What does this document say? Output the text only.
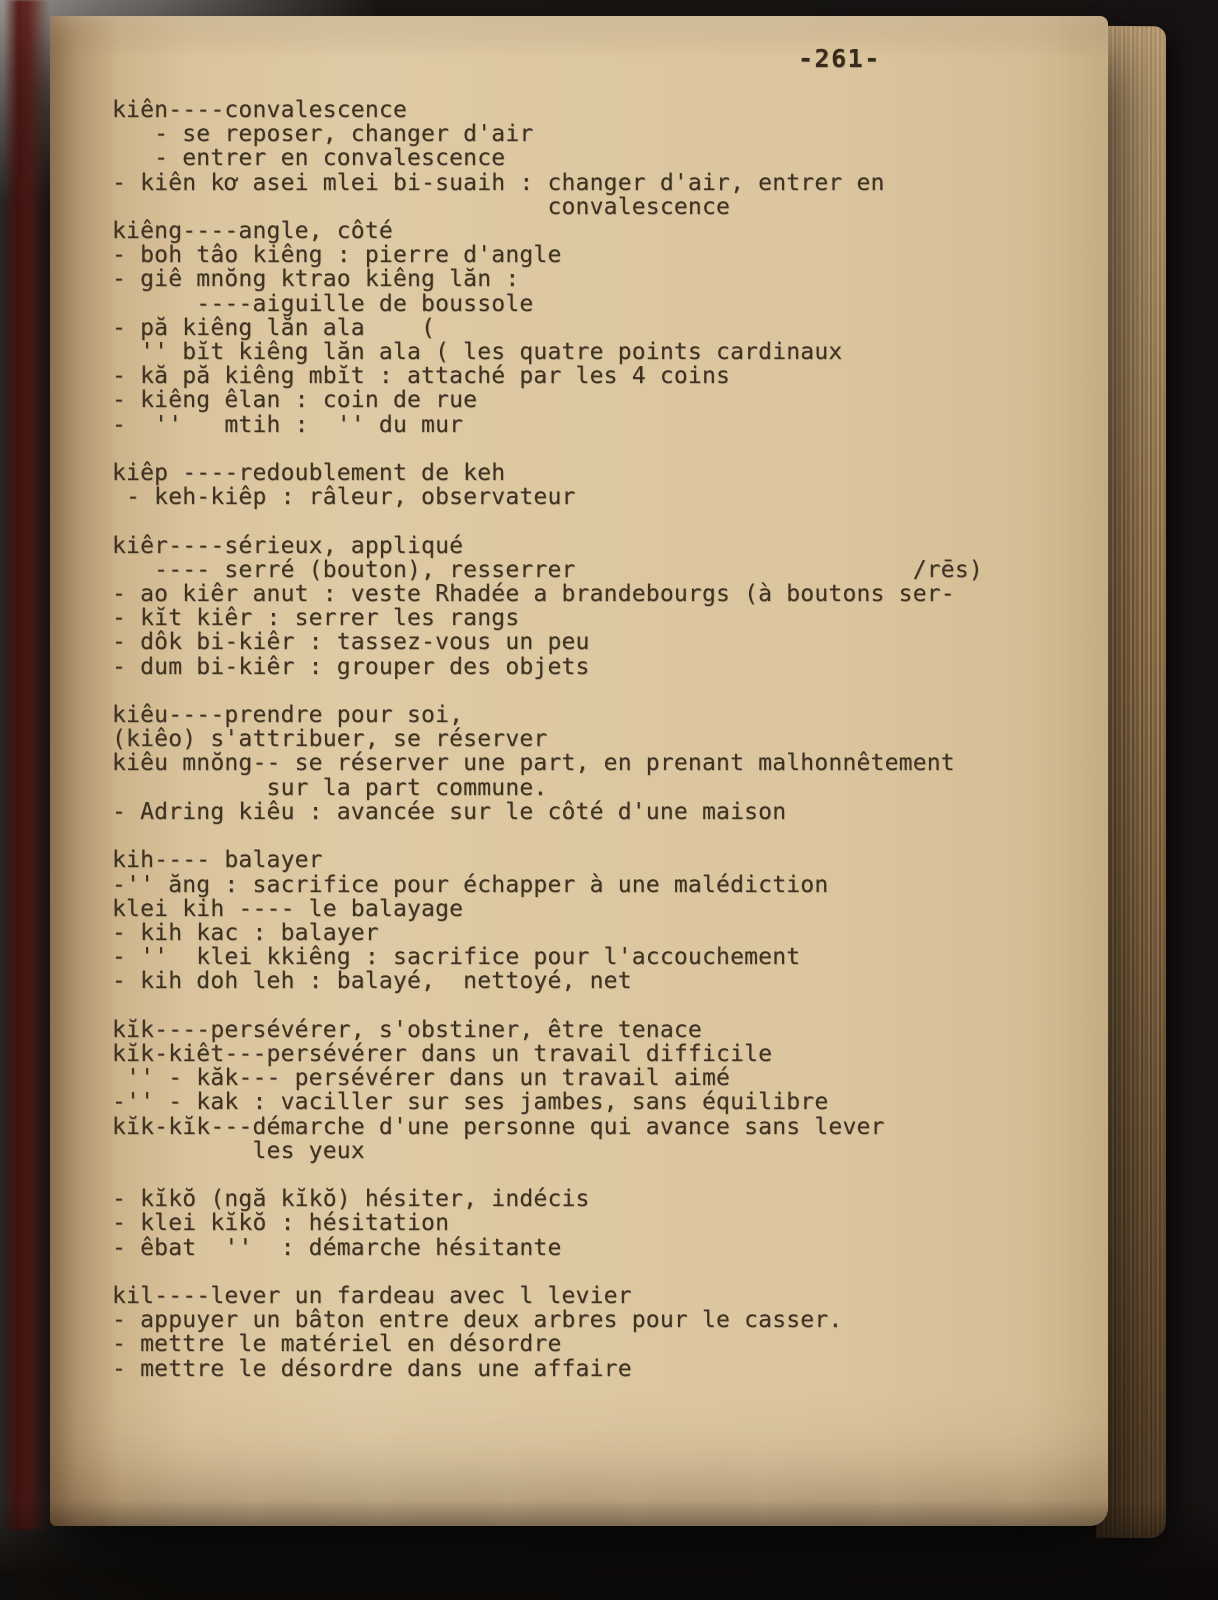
-261-
kiên----convalescence
- se reposer, changer d'air
- entrer en convalescence
- kiên kơ asei mlei bi-suaih : changer d'air, entrer en
convalescence
kiêng----angle, côté
- boh tâo kiêng : pierre d'angle
- giê mnŏng ktrao kiêng lăn :
----aiguille de boussole
- pă kiêng lăn ala    (
'' bĭt kiêng lăn ala ( les quatre points cardinaux
- kă pă kiêng mbĭt : attaché par les 4 coins
- kiêng êlan : coin de rue
-  ''   mtih :  '' du mur

kiêp ----redoublement de keh
- keh-kiêp : râleur, observateur

kiêr----sérieux, appliqué
---- serré (bouton), resserrer                        /rēs)
- ao kiêr anut : veste Rhadée a brandebourgs (à boutons ser-
- kĭt kiêr : serrer les rangs
- dôk bi-kiêr : tassez-vous un peu
- dum bi-kiêr : grouper des objets

kiêu----prendre pour soi,
(kiêo) s'attribuer, se réserver
kiêu mnŏng-- se réserver une part, en prenant malhonnêtement
sur la part commune.
- Adring kiêu : avancée sur le côté d'une maison

kih---- balayer
-'' ăng : sacrifice pour échapper à une malédiction
klei kih ---- le balayage
- kih kac : balayer
- ''  klei kkiêng : sacrifice pour l'accouchement
- kih doh leh : balayé,  nettoyé, net

kĭk----persévérer, s'obstiner, être tenace
kĭk-kiêt---persévérer dans un travail difficile
'' - kăk--- persévérer dans un travail aimé
-'' - kak : vaciller sur ses jambes, sans équilibre
kĭk-kĭk---démarche d'une personne qui avance sans lever
les yeux

- kĭkŏ (ngă kĭkŏ) hésiter, indécis
- klei kĭkŏ : hésitation
- êbat  ''  : démarche hésitante

kil----lever un fardeau avec l levier
- appuyer un bâton entre deux arbres pour le casser.
- mettre le matériel en désordre
- mettre le désordre dans une affaire
